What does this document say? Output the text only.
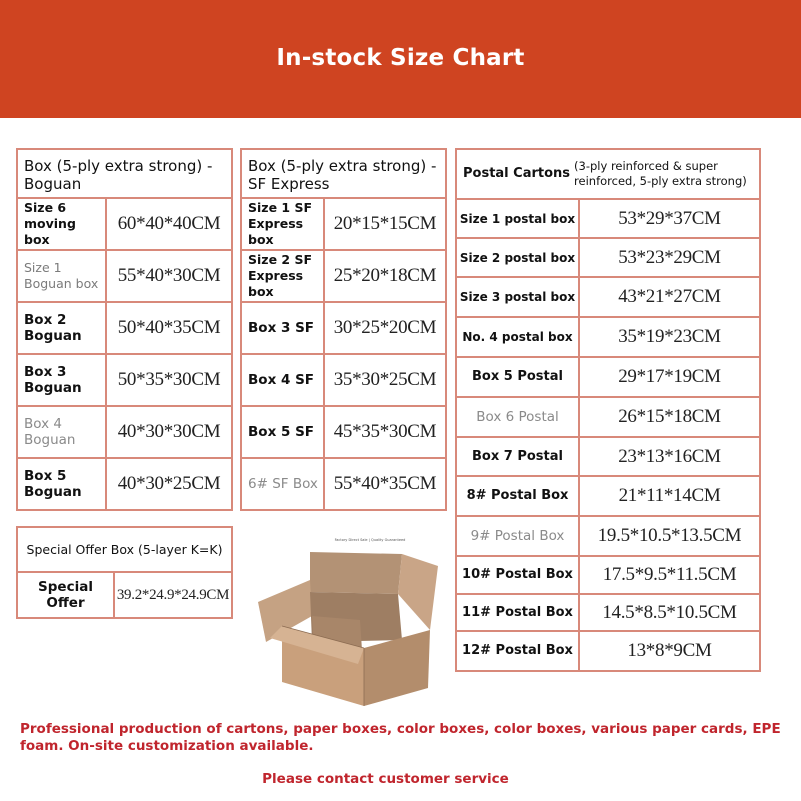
In-stock Size Chart
Box (5-ply extra strong) - Boguan	
Size 6 moving box	60*40*40CM
Size 1 Boguan box	55*40*30CM
Box 2 Boguan	50*40*35CM
Box 3 Boguan	50*35*30CM
Box 4 Boguan	40*30*30CM
Box 5 Boguan	40*30*25CM
Box (5-ply extra strong) - SF Express	
Size 1 SF Express box	20*15*15CM
Size 2 SF Express box	25*20*18CM
Box 3 SF	30*25*20CM
Box 4 SF	35*30*25CM
Box 5 SF	45*35*30CM
6# SF Box	55*40*35CM
Postal Cartons (3-ply reinforced & super reinforced, 5-ply extra strong)	

Size 1 postal box	53*29*37CM
Size 2 postal box	53*23*29CM
Size 3 postal box	43*21*27CM
No. 4 postal box	35*19*23CM
Box 5 Postal	29*17*19CM
Box 6 Postal	26*15*18CM
Box 7 Postal	23*13*16CM
8# Postal Box	21*11*14CM
9# Postal Box	19.5*10.5*13.5CM
10# Postal Box	17.5*9.5*11.5CM
11# Postal Box	14.5*8.5*10.5CM
12# Postal Box	13*8*9CM
Special Offer Box (5-layer K=K)
Special Offer	39.2*24.9*24.9CM
Factory Direct Sale | Quality Guaranteed
Professional production of cartons, paper boxes, color boxes, color boxes, various paper cards, EPE foam. On-site customization available.
Please contact customer service
